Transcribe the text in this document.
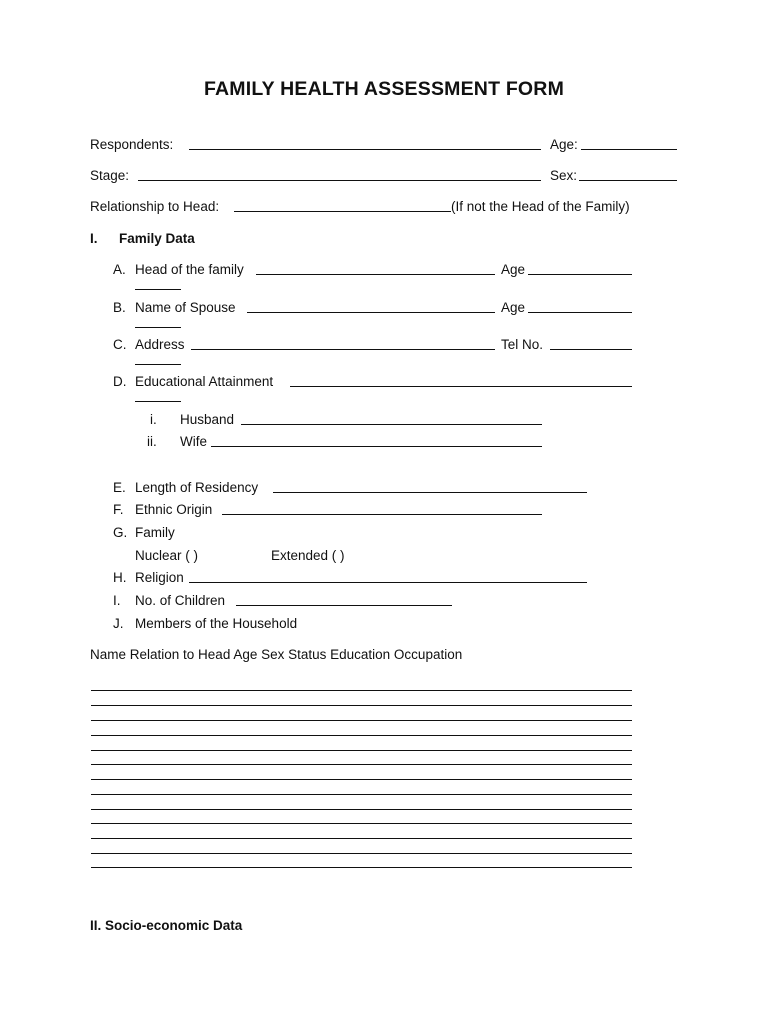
FAMILY HEALTH ASSESSMENT FORM
Respondents:	Age:
Stage:	Sex:
Relationship to Head:	(If not the Head of the Family)
I. Family Data
A. Head of the family	Age
B. Name of Spouse	Age
C. Address	Tel No.
D. Educational Attainment
i. Husband
ii. Wife
E. Length of Residency
F. Ethnic Origin
G. Family
Nuclear ( )	Extended ( )
H. Religion
I. No. of Children
J. Members of the Household
Name Relation to Head Age Sex Status Education Occupation
II. Socio-economic Data
